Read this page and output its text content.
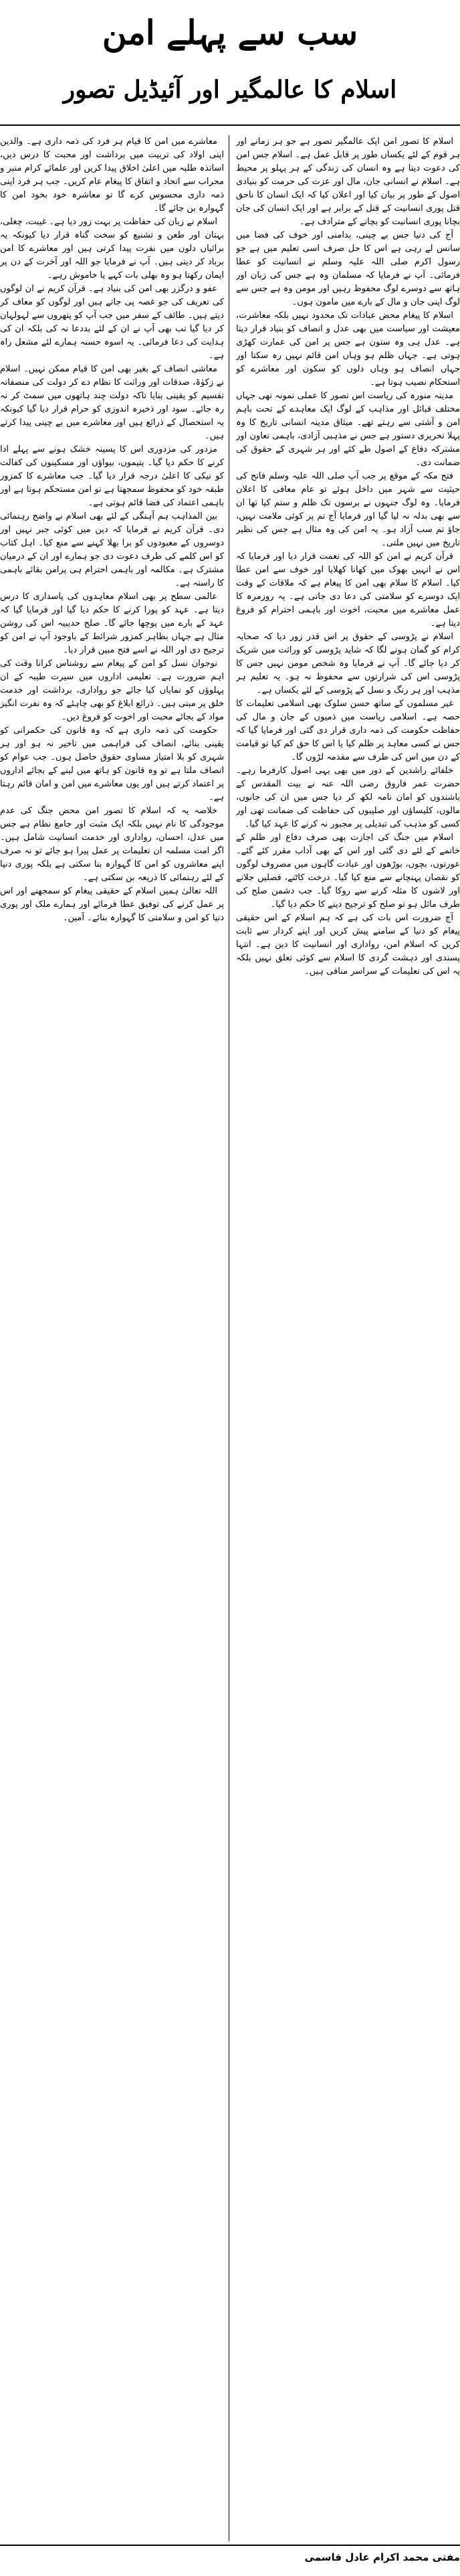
سب سے پہلے امن
اسلام کا عالمگیر اور آئیڈیل تصور

اسلام کا تصور امن ایک عالمگیر تصور ہے جو ہر زمانے اور ہر قوم کے لئے یکساں طور پر قابل عمل ہے۔ اسلام جس امن کی دعوت دیتا ہے وہ انسان کی زندگی کے ہر پہلو پر محیط ہے۔ اسلام نے انسانی جان، مال اور عزت کی حرمت کو بنیادی اصول کے طور پر بیان کیا اور اعلان کیا کہ ایک انسان کا ناحق قتل پوری انسانیت کے قتل کے برابر ہے اور ایک انسان کی جان بچانا پوری انسانیت کو بچانے کے مترادف ہے۔

آج کی دنیا جس بے چینی، بدامنی اور خوف کی فضا میں سانس لے رہی ہے اس کا حل صرف اسی تعلیم میں ہے جو رسول اکرم صلی اللہ علیہ وسلم نے انسانیت کو عطا فرمائی۔ آپ نے فرمایا کہ مسلمان وہ ہے جس کی زبان اور ہاتھ سے دوسرے لوگ محفوظ رہیں اور مومن وہ ہے جس سے لوگ اپنی جان و مال کے بارے میں مامون ہوں۔

اسلام کا پیغام محض عبادات تک محدود نہیں بلکہ معاشرت، معیشت اور سیاست میں بھی عدل و انصاف کو بنیاد قرار دیتا ہے۔ عدل ہی وہ ستون ہے جس پر امن کی عمارت کھڑی ہوتی ہے۔ جہاں ظلم ہو وہاں امن قائم نہیں رہ سکتا اور جہاں انصاف ہو وہاں دلوں کو سکون اور معاشرے کو استحکام نصیب ہوتا ہے۔

مدینہ منورہ کی ریاست اس تصور کا عملی نمونہ تھی جہاں مختلف قبائل اور مذاہب کے لوگ ایک معاہدے کے تحت باہم امن و آشتی سے رہتے تھے۔ میثاق مدینہ انسانی تاریخ کا وہ پہلا تحریری دستور ہے جس نے مذہبی آزادی، باہمی تعاون اور مشترکہ دفاع کے اصول طے کئے اور ہر شہری کے حقوق کی ضمانت دی۔

فتح مکہ کے موقع پر جب آپ صلی اللہ علیہ وسلم فاتح کی حیثیت سے شہر میں داخل ہوئے تو عام معافی کا اعلان فرمایا۔ وہ لوگ جنہوں نے برسوں تک ظلم و ستم کیا تھا ان سے بھی بدلہ نہ لیا گیا اور فرمایا آج تم پر کوئی ملامت نہیں، جاؤ تم سب آزاد ہو۔ یہ امن کی وہ مثال ہے جس کی نظیر تاریخ میں نہیں ملتی۔

قرآن کریم نے امن کو اللہ کی نعمت قرار دیا اور فرمایا کہ اس نے انہیں بھوک میں کھانا کھلایا اور خوف سے امن عطا کیا۔ اسلام کا سلام بھی امن کا پیغام ہے کہ ملاقات کے وقت ایک دوسرے کو سلامتی کی دعا دی جاتی ہے۔ یہ روزمرہ کا عمل معاشرے میں محبت، اخوت اور باہمی احترام کو فروغ دیتا ہے۔

اسلام نے پڑوسی کے حقوق پر اس قدر زور دیا کہ صحابہ کرام کو گمان ہونے لگا کہ شاید پڑوسی کو وراثت میں شریک کر دیا جائے گا۔ آپ نے فرمایا وہ شخص مومن نہیں جس کا پڑوسی اس کی شرارتوں سے محفوظ نہ ہو۔ یہ تعلیم ہر مذہب اور ہر رنگ و نسل کے پڑوسی کے لئے یکساں ہے۔

غیر مسلموں کے ساتھ حسن سلوک بھی اسلامی تعلیمات کا حصہ ہے۔ اسلامی ریاست میں ذمیوں کے جان و مال کی حفاظت حکومت کی ذمہ داری قرار دی گئی اور فرمایا گیا کہ جس نے کسی معاہد پر ظلم کیا یا اس کا حق کم کیا تو قیامت کے دن میں اس کی طرف سے مقدمہ لڑوں گا۔

خلفائے راشدین کے دور میں بھی یہی اصول کارفرما رہے۔ حضرت عمر فاروق رضی اللہ عنہ نے بیت المقدس کے باشندوں کو امان نامہ لکھ کر دیا جس میں ان کی جانوں، مالوں، کلیساؤں اور صلیبوں کی حفاظت کی ضمانت تھی اور کسی کو مذہب کی تبدیلی پر مجبور نہ کرنے کا عہد کیا گیا۔

اسلام میں جنگ کی اجازت بھی صرف دفاع اور ظلم کے خاتمے کے لئے دی گئی اور اس کے بھی آداب مقرر کئے گئے۔ عورتوں، بچوں، بوڑھوں اور عبادت گاہوں میں مصروف لوگوں کو نقصان پہنچانے سے منع کیا گیا۔ درخت کاٹنے، فصلیں جلانے اور لاشوں کا مثلہ کرنے سے روکا گیا۔ جب دشمن صلح کی طرف مائل ہو تو صلح کو ترجیح دینے کا حکم دیا گیا۔

آج ضرورت اس بات کی ہے کہ ہم اسلام کے اس حقیقی پیغام کو دنیا کے سامنے پیش کریں اور اپنے کردار سے ثابت کریں کہ اسلام امن، رواداری اور انسانیت کا دین ہے۔ انتہا پسندی اور دہشت گردی کا اسلام سے کوئی تعلق نہیں بلکہ یہ اس کی تعلیمات کے سراسر منافی ہیں۔

معاشرے میں امن کا قیام ہر فرد کی ذمہ داری ہے۔ والدین اپنی اولاد کی تربیت میں برداشت اور محبت کا درس دیں، اساتذہ طلبہ میں اعلیٰ اخلاق پیدا کریں اور علمائے کرام منبر و محراب سے اتحاد و اتفاق کا پیغام عام کریں۔ جب ہر فرد اپنی ذمہ داری محسوس کرے گا تو معاشرہ خود بخود امن کا گہوارہ بن جائے گا۔

اسلام نے زبان کی حفاظت پر بہت زور دیا ہے۔ غیبت، چغلی، بہتان اور طعن و تشنیع کو سخت گناہ قرار دیا کیونکہ یہ برائیاں دلوں میں نفرت پیدا کرتی ہیں اور معاشرے کا امن برباد کر دیتی ہیں۔ آپ نے فرمایا جو اللہ اور آخرت کے دن پر ایمان رکھتا ہو وہ بھلی بات کہے یا خاموش رہے۔

عفو و درگزر بھی امن کی بنیاد ہے۔ قرآن کریم نے ان لوگوں کی تعریف کی جو غصہ پی جاتے ہیں اور لوگوں کو معاف کر دیتے ہیں۔ طائف کے سفر میں جب آپ کو پتھروں سے لہولہان کر دیا گیا تب بھی آپ نے ان کے لئے بددعا نہ کی بلکہ ان کی ہدایت کی دعا فرمائی۔ یہ اسوہ حسنہ ہمارے لئے مشعل راہ ہے۔

معاشی انصاف کے بغیر بھی امن کا قیام ممکن نہیں۔ اسلام نے زکوٰۃ، صدقات اور وراثت کا نظام دے کر دولت کی منصفانہ تقسیم کو یقینی بنایا تاکہ دولت چند ہاتھوں میں سمٹ کر نہ رہ جائے۔ سود اور ذخیرہ اندوزی کو حرام قرار دیا گیا کیونکہ یہ استحصال کے ذرائع ہیں اور معاشرے میں بے چینی پیدا کرتے ہیں۔

مزدور کی مزدوری اس کا پسینہ خشک ہونے سے پہلے ادا کرنے کا حکم دیا گیا۔ یتیموں، بیواؤں اور مسکینوں کی کفالت کو نیکی کا اعلیٰ درجہ قرار دیا گیا۔ جب معاشرے کا کمزور طبقہ خود کو محفوظ سمجھتا ہے تو امن مستحکم ہوتا ہے اور باہمی اعتماد کی فضا قائم ہوتی ہے۔

بین المذاہب ہم آہنگی کے لئے بھی اسلام نے واضح رہنمائی دی۔ قرآن کریم نے فرمایا کہ دین میں کوئی جبر نہیں اور دوسروں کے معبودوں کو برا بھلا کہنے سے منع کیا۔ اہل کتاب کو اس کلمے کی طرف دعوت دی جو ہمارے اور ان کے درمیان مشترک ہے۔ مکالمہ اور باہمی احترام ہی پرامن بقائے باہمی کا راستہ ہے۔

عالمی سطح پر بھی اسلام معاہدوں کی پاسداری کا درس دیتا ہے۔ عہد کو پورا کرنے کا حکم دیا گیا اور فرمایا گیا کہ عہد کے بارے میں پوچھا جائے گا۔ صلح حدیبیہ اس کی روشن مثال ہے جہاں بظاہر کمزور شرائط کے باوجود آپ نے امن کو ترجیح دی اور اللہ نے اسے فتح مبین قرار دیا۔

نوجوان نسل کو امن کے پیغام سے روشناس کرانا وقت کی اہم ضرورت ہے۔ تعلیمی اداروں میں سیرت طیبہ کے ان پہلوؤں کو نمایاں کیا جائے جو رواداری، برداشت اور خدمت خلق پر مبنی ہیں۔ ذرائع ابلاغ کو بھی چاہئے کہ وہ نفرت انگیز مواد کے بجائے محبت اور اخوت کو فروغ دیں۔

حکومت کی ذمہ داری ہے کہ وہ قانون کی حکمرانی کو یقینی بنائے، انصاف کی فراہمی میں تاخیر نہ ہو اور ہر شہری کو بلا امتیاز مساوی حقوق حاصل ہوں۔ جب عوام کو انصاف ملتا ہے تو وہ قانون کو ہاتھ میں لینے کے بجائے اداروں پر اعتماد کرتے ہیں اور یوں معاشرے میں امن و امان قائم رہتا ہے۔

خلاصہ یہ کہ اسلام کا تصور امن محض جنگ کی عدم موجودگی کا نام نہیں بلکہ ایک مثبت اور جامع نظام ہے جس میں عدل، احسان، رواداری اور خدمت انسانیت شامل ہیں۔ اگر امت مسلمہ ان تعلیمات پر عمل پیرا ہو جائے تو نہ صرف اپنے معاشروں کو امن کا گہوارہ بنا سکتی ہے بلکہ پوری دنیا کے لئے رہنمائی کا ذریعہ بن سکتی ہے۔

اللہ تعالیٰ ہمیں اسلام کے حقیقی پیغام کو سمجھنے اور اس پر عمل کرنے کی توفیق عطا فرمائے اور ہمارے ملک اور پوری دنیا کو امن و سلامتی کا گہوارہ بنائے۔ آمین۔

مفتی محمد اکرام عادل قاسمی
